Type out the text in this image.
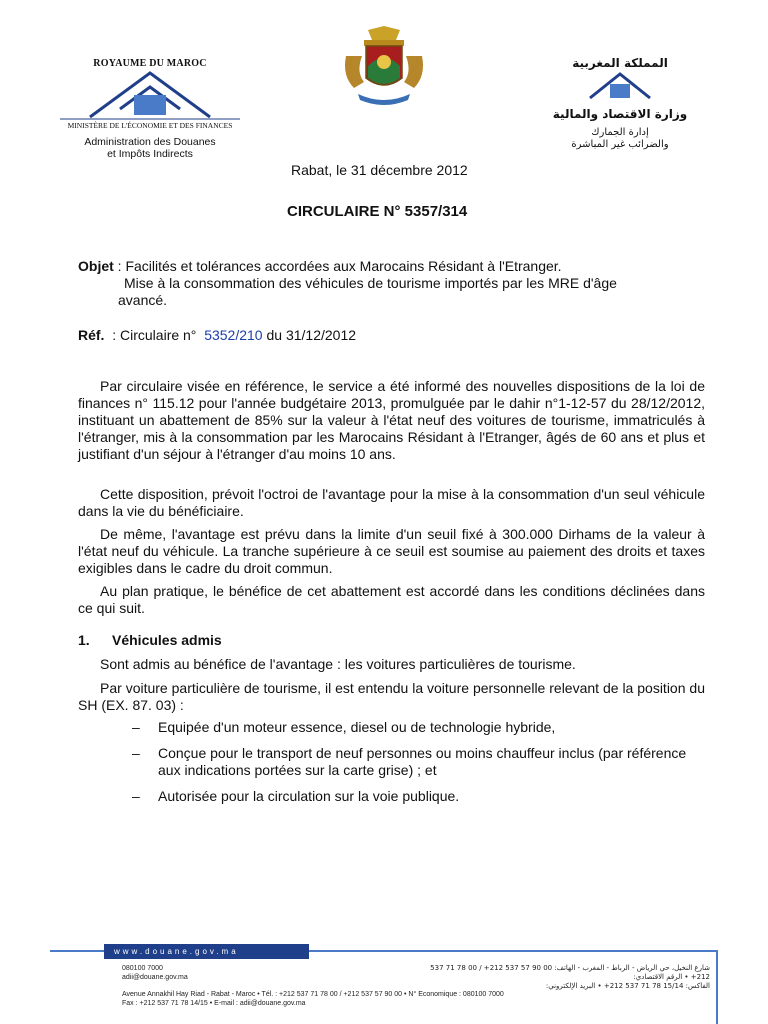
ROYAUME DU MAROC
MINISTÈRE DE L'ÉCONOMIE ET DES FINANCES
Administration des Douanes
et Impôts Indirects
المملكة المغربية
وزارة الاقتصاد والمالية
إدارة الجمارك
والضرائب غير المباشرة
Rabat, le 31 décembre 2012
CIRCULAIRE N° 5357/314
Objet : Facilités et tolérances accordées aux Marocains Résidant à l'Etranger.
Mise à la consommation des véhicules de tourisme importés par les MRE d'âge
avancé.
Réf.  : Circulaire n°  5352/210 du 31/12/2012
Par circulaire visée en référence, le service a été informé des nouvelles dispositions de la loi de finances n° 115.12 pour l'année budgétaire 2013, promulguée par le dahir n°1-12-57 du 28/12/2012, instituant un abattement de 85% sur la valeur à l'état neuf des voitures de tourisme, immatriculés à l'étranger, mis à la consommation par les Marocains Résidant à l'Etranger, âgés de 60 ans et plus et justifiant d'un séjour à l'étranger d'au moins 10 ans.
Cette disposition, prévoit l'octroi de l'avantage pour la mise à la consommation d'un seul véhicule dans la vie du bénéficiaire.
De même, l'avantage est prévu dans la limite d'un seuil fixé à 300.000 Dirhams de la valeur à l'état neuf du véhicule. La tranche supérieure à ce seuil est soumise au paiement des droits et taxes exigibles dans le cadre du droit commun.
Au plan pratique, le bénéfice de cet abattement est accordé dans les conditions déclinées dans ce qui suit.
1. Véhicules admis
Sont admis au bénéfice de l'avantage : les voitures particulières de tourisme.
Par voiture particulière de tourisme, il est entendu la voiture personnelle relevant de la position du SH (EX. 87. 03) :
– Equipée d'un moteur essence, diesel ou de technologie hybride,
– Conçue pour le transport de neuf personnes ou moins chauffeur inclus (par référence aux indications portées sur la carte grise) ; et
– Autorisée pour la circulation sur la voie publique.
www.douane.gov.ma
080100 7000
adii@douane.gov.ma
Avenue Annakhil Hay Riad - Rabat - Maroc • Tél. : +212 537 71 78 00 / +212 537 57 90 00 • N° Economique : 080100 7000
Fax : +212 537 71 78 14/15 • E-mail : adii@douane.gov.ma
شارع النخيل، حي الرياض - الرباط - المغرب - الهاتف: 00 90 57 537 212+ / 00 78 71 537 212+ • الرقم الاقتصادي:
الفاكس: 15/14 78 71 537 212+ • البريد الإلكتروني:
